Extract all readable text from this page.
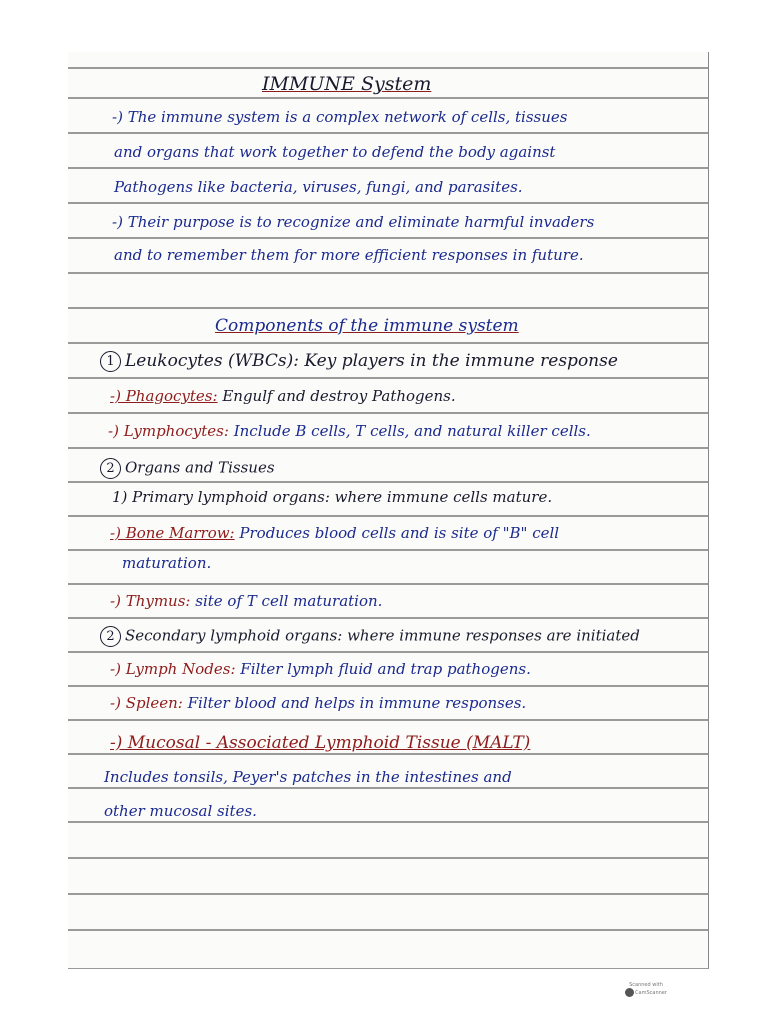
IMMUNE System
-) The immune system is a complex network of cells, tissues
and organs that work together to defend the body against
Pathogens like bacteria, viruses, fungi, and parasites.
-) Their purpose is to recognize and eliminate harmful invaders
and to remember them for more efficient responses in future.
Components of the immune system
1 Leukocytes (WBCs): Key players in the immune response
-) Phagocytes: Engulf and destroy Pathogens.
-) Lymphocytes: Include B cells, T cells, and natural killer cells.
2 Organs and Tissues
1) Primary lymphoid organs: where immune cells mature.
-) Bone Marrow: Produces blood cells and is site of "B" cell
maturation.
-) Thymus: site of T cell maturation.
2 Secondary lymphoid organs: where immune responses are initiated
-) Lymph Nodes: Filter lymph fluid and trap pathogens.
-) Spleen: Filter blood and helps in immune responses.
-) Mucosal - Associated Lymphoid Tissue (MALT)
Includes tonsils, Peyer's patches in the intestines and
other mucosal sites.
Scanned with
CamScanner
